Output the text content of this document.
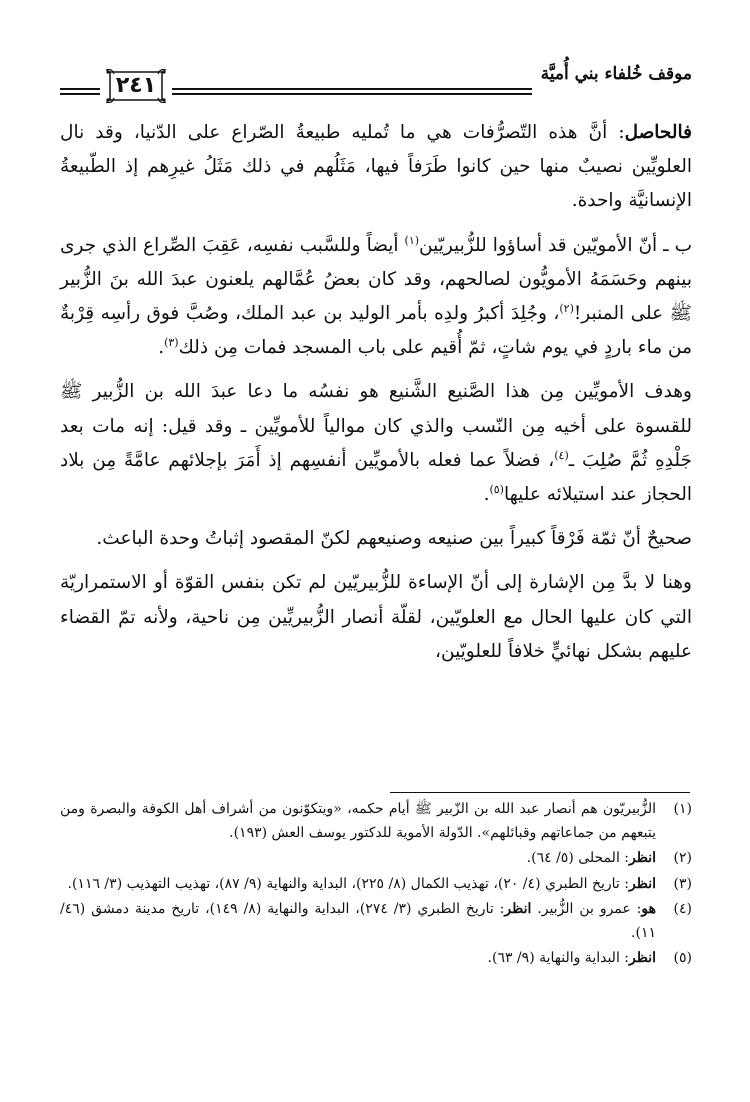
موقف خُلفاء بني أُميَّة
٢٤١

فالحاصل: أنَّ هذه التّصرُّفات هي ما تُمليه طبيعةُ الصّراع على الدّنيا، وقد نال العلويِّين نصيبٌ منها حين كانوا طَرَفاً فيها، مَثَلُهم في ذلك مَثَلُ غيرِهم إذ الطّبيعةُ الإنسانيَّة واحدة.

ب ـ أنّ الأمويّين قد أساؤوا للزُّبيريّين$^{(١)}$ أيضاً وللسَّبب نفسِه، عَقِبَ الصِّراع الذي جرى بينهم وحَسَمَهُ الأمويُّون لصالحهم، وقد كان بعضُ عُمَّالهم يلعنون عبدَ الله بنَ الزُّبير ﷺ على المنبر!$^{(٢)}$، وجُلِدَ أكبرُ ولدِه بأمر الوليد بن عبد الملك، وصُبَّ فوق رأسِه قِرْبةٌ من ماء باردٍ في يوم شاتٍ، ثمّ أُقيم على باب المسجد فمات مِن ذلك$^{(٣)}$.

وهدف الأمويِّين مِن هذا الصَّنيع الشَّنيع هو نفسُه ما دعا عبدَ الله بن الزُّبير ﷺ للقسوة على أخيه مِن النّسب والذي كان موالياً للأمويِّين ـ وقد قيل: إنه مات بعد جَلْدِهِ ثُمَّ صُلِبَ ـ$^{(٤)}$، فضلاً عما فعله بالأمويِّين أنفسِهم إذ أَمَرَ بإجلائهم عامَّةً مِن بلاد الحجاز عند استيلائه عليها$^{(٥)}$.

صحيحٌ أنّ ثمّة فَرْقاً كبيراً بين صنيعه وصنيعهم لكنّ المقصود إثباتُ وحدة الباعث.

وهنا لا بدَّ مِن الإشارة إلى أنّ الإساءة للزُّبيريّين لم تكن بنفس القوّة أو الاستمراريّة التي كان عليها الحال مع العلويّين، لقلّة أنصار الزُّبيريِّين مِن ناحية، ولأنه تمّ القضاء عليهم بشكل نهائيٍّ خلافاً للعلويّين،

(١)
الزُّبيريّون هم أنصار عبد الله بن الزّبير ﷺ أيام حكمه، «ويتكوّنون من أشراف أهل الكوفة والبصرة ومن يتبعهم من جماعاتهم وقبائلهم». الدّولة الأموية للدكتور يوسف العش (١٩٣).
(٢)
انظر: المحلى (٥/ ٦٤).
(٣)
انظر: تاريخ الطبري (٤/ ٢٠)، تهذيب الكمال (٨/ ٢٢٥)، البداية والنهاية (٩/ ٨٧)، تهذيب التهذيب (٣/ ١١٦).
(٤)
هو: عمرو بن الزُّبير. انظر: تاريخ الطبري (٣/ ٢٧٤)، البداية والنهاية (٨/ ١٤٩)، تاريخ مدينة دمشق (٤٦/ ١١).
(٥)
انظر: البداية والنهاية (٩/ ٦٣).
